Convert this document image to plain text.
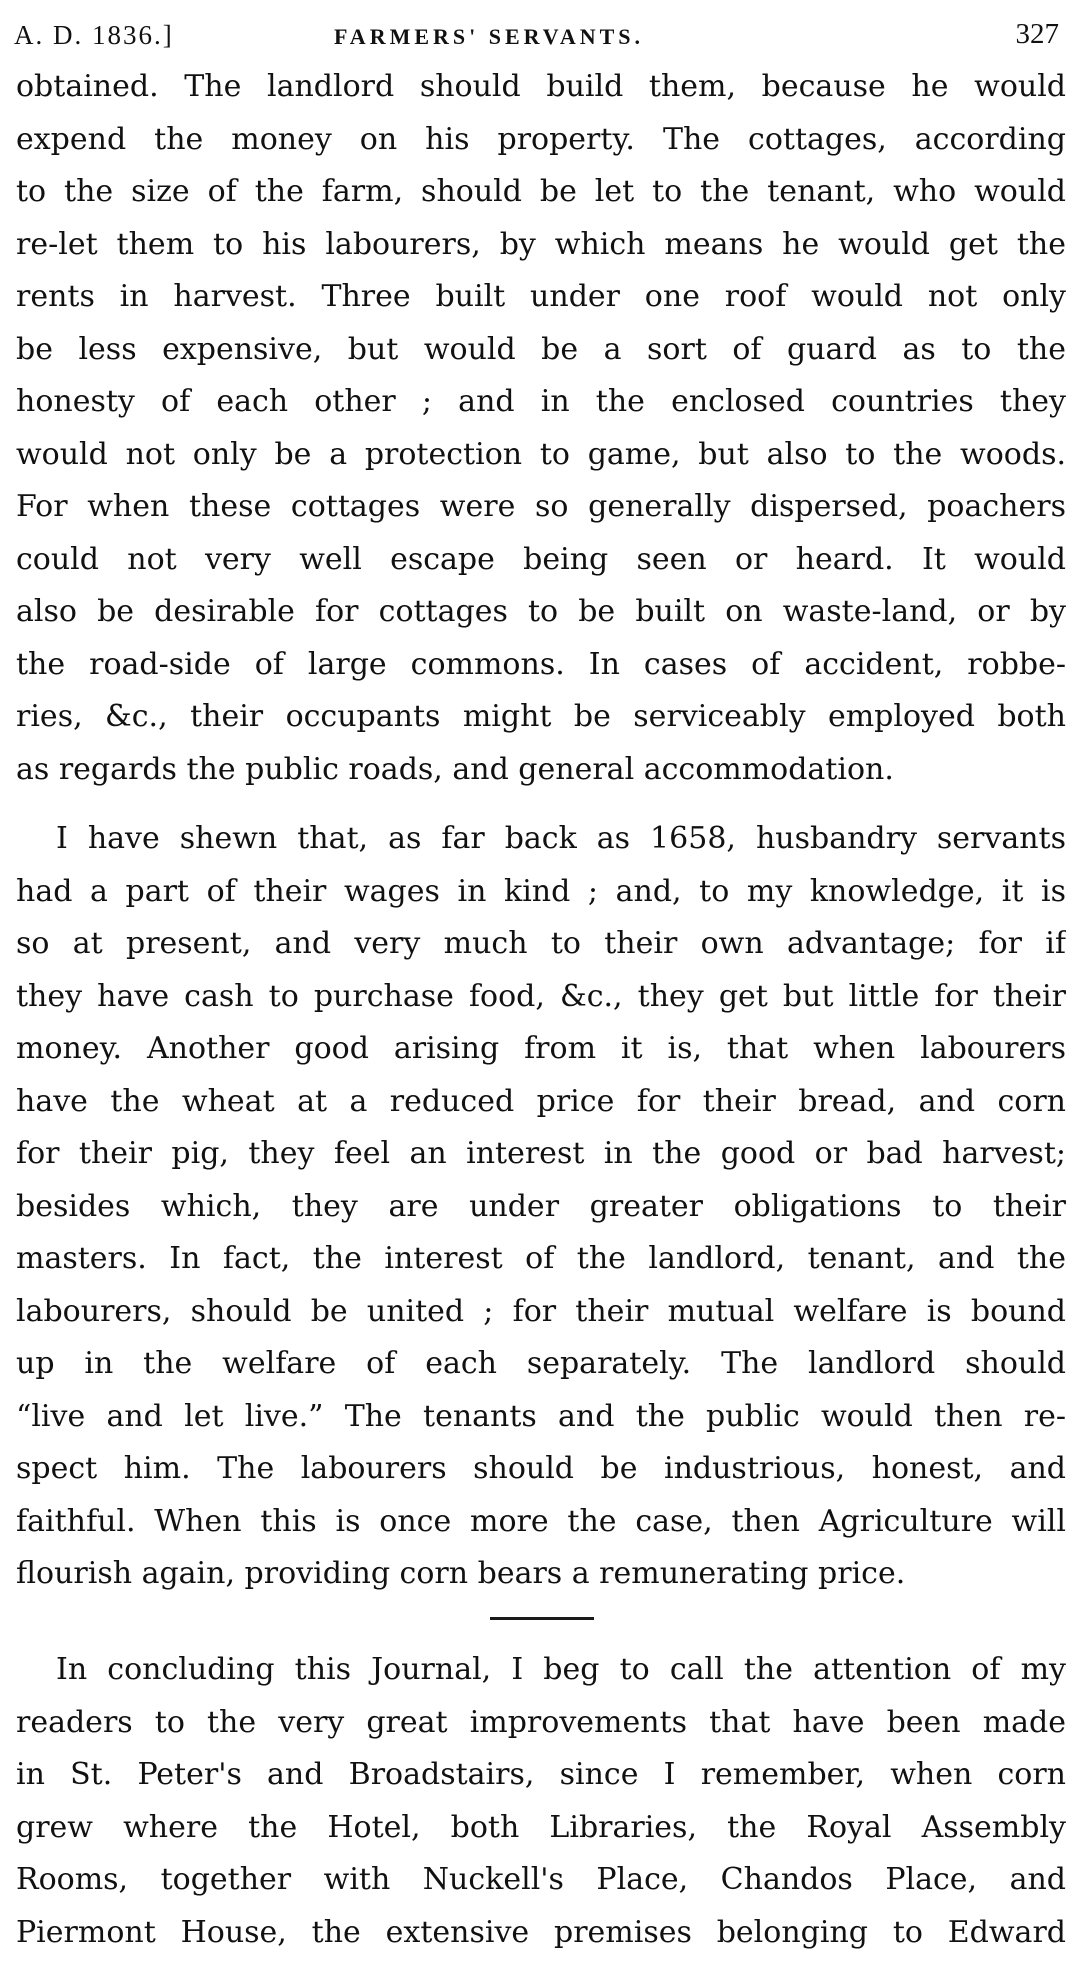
A. D. 1836.]	FARMERS' SERVANTS.	327
obtained. The landlord should build them, because he would
expend the money on his property. The cottages, according
to the size of the farm, should be let to the tenant, who would
re-let them to his labourers, by which means he would get the
rents in harvest. Three built under one roof would not only
be less expensive, but would be a sort of guard as to the
honesty of each other ; and in the enclosed countries they
would not only be a protection to game, but also to the woods.
For when these cottages were so generally dispersed, poachers
could not very well escape being seen or heard. It would
also be desirable for cottages to be built on waste-land, or by
the road-side of large commons. In cases of accident, robbe-
ries, &c., their occupants might be serviceably employed both
as regards the public roads, and general accommodation.
I have shewn that, as far back as 1658, husbandry servants
had a part of their wages in kind ; and, to my knowledge, it is
so at present, and very much to their own advantage; for if
they have cash to purchase food, &c., they get but little for their
money. Another good arising from it is, that when labourers
have the wheat at a reduced price for their bread, and corn
for their pig, they feel an interest in the good or bad harvest;
besides which, they are under greater obligations to their
masters. In fact, the interest of the landlord, tenant, and the
labourers, should be united ; for their mutual welfare is bound
up in the welfare of each separately. The landlord should
“live and let live.” The tenants and the public would then re-
spect him. The labourers should be industrious, honest, and
faithful. When this is once more the case, then Agriculture will
flourish again, providing corn bears a remunerating price.
In concluding this Journal, I beg to call the attention of my
readers to the very great improvements that have been made
in St. Peter's and Broadstairs, since I remember, when corn
grew where the Hotel, both Libraries, the Royal Assembly
Rooms, together with Nuckell's Place, Chandos Place, and
Piermont House, the extensive premises belonging to Edward
